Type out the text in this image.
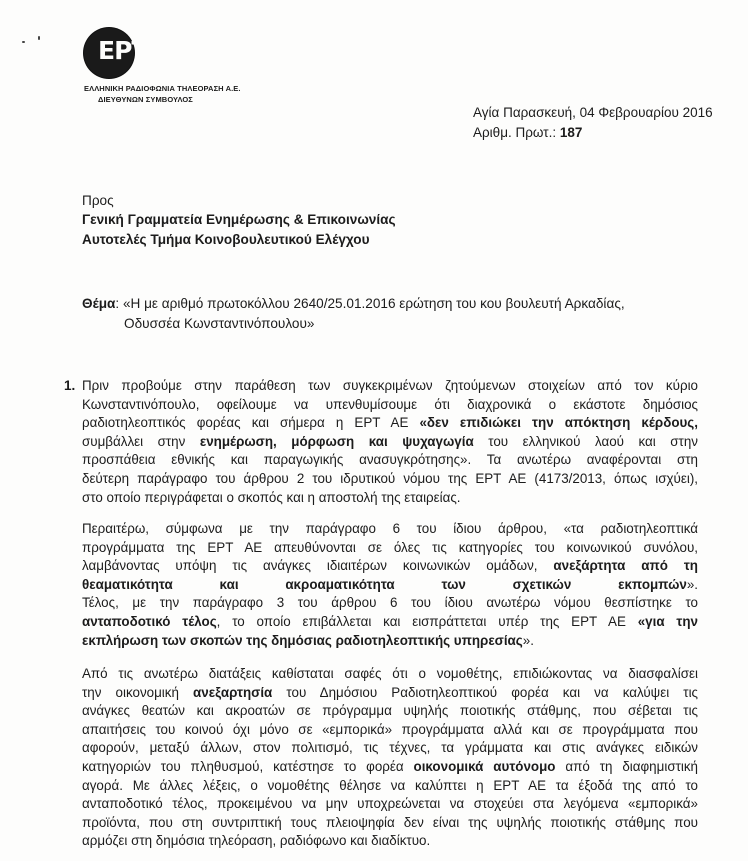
ΕΡΤ
ΕΛΛΗΝΙΚΗ ΡΑΔΙΟΦΩΝΙΑ ΤΗΛΕΟΡΑΣΗ Α.Ε.
ΔΙΕΥΘΥΝΩΝ ΣΥΜΒΟΥΛΟΣ
Αγία Παρασκευή, 04 Φεβρουαρίου 2016
Αριθμ. Πρωτ.: 187
Προς
Γενική Γραμματεία Ενημέρωσης & Επικοινωνίας
Αυτοτελές Τμήμα Κοινοβουλευτικού Ελέγχου
Θέμα: «Η με αριθμό πρωτοκόλλου 2640/25.01.2016 ερώτηση του κου βουλευτή Αρκαδίας,
Οδυσσέα Κωνσταντινόπουλου»
1. Πριν προβούμε στην παράθεση των συγκεκριμένων ζητούμενων στοιχείων από τον κύριο
Κωνσταντινόπουλο, οφείλουμε να υπενθυμίσουμε ότι διαχρονικά ο εκάστοτε δημόσιος
ραδιοτηλεοπτικός φορέας και σήμερα η ΕΡΤ ΑΕ «δεν επιδιώκει την απόκτηση κέρδους,
συμβάλλει στην ενημέρωση, μόρφωση και ψυχαγωγία του ελληνικού λαού και στην
προσπάθεια εθνικής και παραγωγικής ανασυγκρότησης». Τα ανωτέρω αναφέρονται στη
δεύτερη παράγραφο του άρθρου 2 του ιδρυτικού νόμου της ΕΡΤ ΑΕ (4173/2013, όπως ισχύει),
στο οποίο περιγράφεται ο σκοπός και η αποστολή της εταιρείας.
Περαιτέρω, σύμφωνα με την παράγραφο 6 του ίδιου άρθρου, «τα ραδιοτηλεοπτικά
προγράμματα της ΕΡΤ ΑΕ απευθύνονται σε όλες τις κατηγορίες του κοινωνικού συνόλου,
λαμβάνοντας υπόψη τις ανάγκες ιδιαιτέρων κοινωνικών ομάδων, ανεξάρτητα από τη
θεαματικότητα και ακροαματικότητα των σχετικών εκπομπών».
Τέλος, με την παράγραφο 3 του άρθρου 6 του ίδιου ανωτέρω νόμου θεσπίστηκε το
ανταποδοτικό τέλος, το οποίο επιβάλλεται και εισπράττεται υπέρ της ΕΡΤ ΑΕ «για την
εκπλήρωση των σκοπών της δημόσιας ραδιοτηλεοπτικής υπηρεσίας».
Από τις ανωτέρω διατάξεις καθίσταται σαφές ότι ο νομοθέτης, επιδιώκοντας να διασφαλίσει
την οικονομική ανεξαρτησία του Δημόσιου Ραδιοτηλεοπτικού φορέα και να καλύψει τις
ανάγκες θεατών και ακροατών σε πρόγραμμα υψηλής ποιοτικής στάθμης, που σέβεται τις
απαιτήσεις του κοινού όχι μόνο σε «εμπορικά» προγράμματα αλλά και σε προγράμματα που
αφορούν, μεταξύ άλλων, στον πολιτισμό, τις τέχνες, τα γράμματα και στις ανάγκες ειδικών
κατηγοριών του πληθυσμού, κατέστησε το φορέα οικονομικά αυτόνομο από τη διαφημιστική
αγορά. Με άλλες λέξεις, ο νομοθέτης θέλησε να καλύπτει η ΕΡΤ ΑΕ τα έξοδά της από το
ανταποδοτικό τέλος, προκειμένου να μην υποχρεώνεται να στοχεύει στα λεγόμενα «εμπορικά»
προϊόντα, που στη συντριπτική τους πλειοψηφία δεν είναι της υψηλής ποιοτικής στάθμης που
αρμόζει στη δημόσια τηλεόραση, ραδιόφωνο και διαδίκτυο.
